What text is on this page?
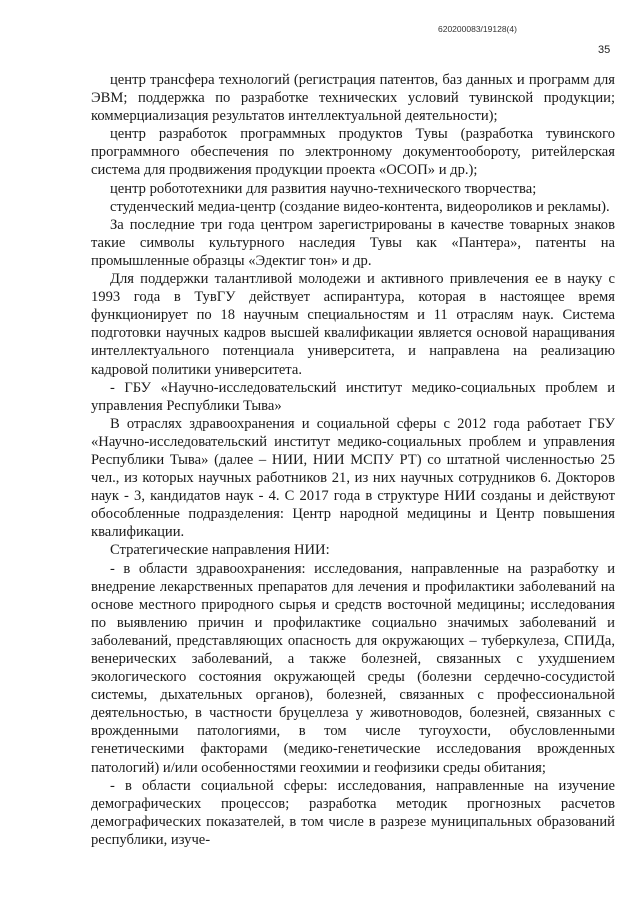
620200083/19128(4)
35

центр трансфера технологий (регистрация патентов, баз данных и программ для ЭВМ; поддержка по разработке технических условий тувинской продукции; коммерциализация результатов интеллектуальной деятельности);

центр разработок программных продуктов Тувы (разработка тувинского программного обеспечения по электронному документообороту, ритейлерская система для продвижения продукции проекта «ОСОП» и др.);

центр робототехники для развития научно-технического творчества;

студенческий медиа-центр (создание видео-контента, видеороликов и рекламы).

За последние три года центром зарегистрированы в качестве товарных знаков такие символы культурного наследия Тувы как «Пантера», патенты на промышленные образцы «Эдектиг тон» и др.

Для поддержки талантливой молодежи и активного привлечения ее в науку с 1993 года в ТувГУ действует аспирантура, которая в настоящее время функционирует по 18 научным специальностям и 11 отраслям наук. Система подготовки научных кадров высшей квалификации является основой наращивания интеллектуального потенциала университета, и направлена на реализацию кадровой политики университета.

- ГБУ «Научно-исследовательский институт медико-социальных проблем и управления Республики Тыва»

В отраслях здравоохранения и социальной сферы с 2012 года работает ГБУ «Научно-исследовательский институт медико-социальных проблем и управления Республики Тыва» (далее – НИИ, НИИ МСПУ РТ) со штатной численностью 25 чел., из которых научных работников 21, из них научных сотрудников 6. Докторов наук - 3, кандидатов наук - 4. С 2017 года в структуре НИИ созданы и действуют обособленные подразделения: Центр народной медицины и Центр повышения квалификации.

Стратегические направления НИИ:

- в области здравоохранения: исследования, направленные на разработку и внедрение лекарственных препаратов для лечения и профилактики заболеваний на основе местного природного сырья и средств восточной медицины; исследования по выявлению причин и профилактике социально значимых заболеваний и заболеваний, представляющих опасность для окружающих – туберкулеза, СПИДа, венерических заболеваний, а также болезней, связанных с ухудшением экологического состояния окружающей среды (болезни сердечно-сосудистой системы, дыхательных органов), болезней, связанных с профессиональной деятельностью, в частности бруцеллеза у животноводов, болезней, связанных с врожденными патологиями, в том числе тугоухости, обусловленными генетическими факторами (медико-генетические исследования врожденных патологий) и/или особенностями геохимии и геофизики среды обитания;

- в области социальной сферы: исследования, направленные на изучение демографических процессов; разработка методик прогнозных расчетов демографических показателей, в том числе в разрезе муниципальных образований республики, изуче-
